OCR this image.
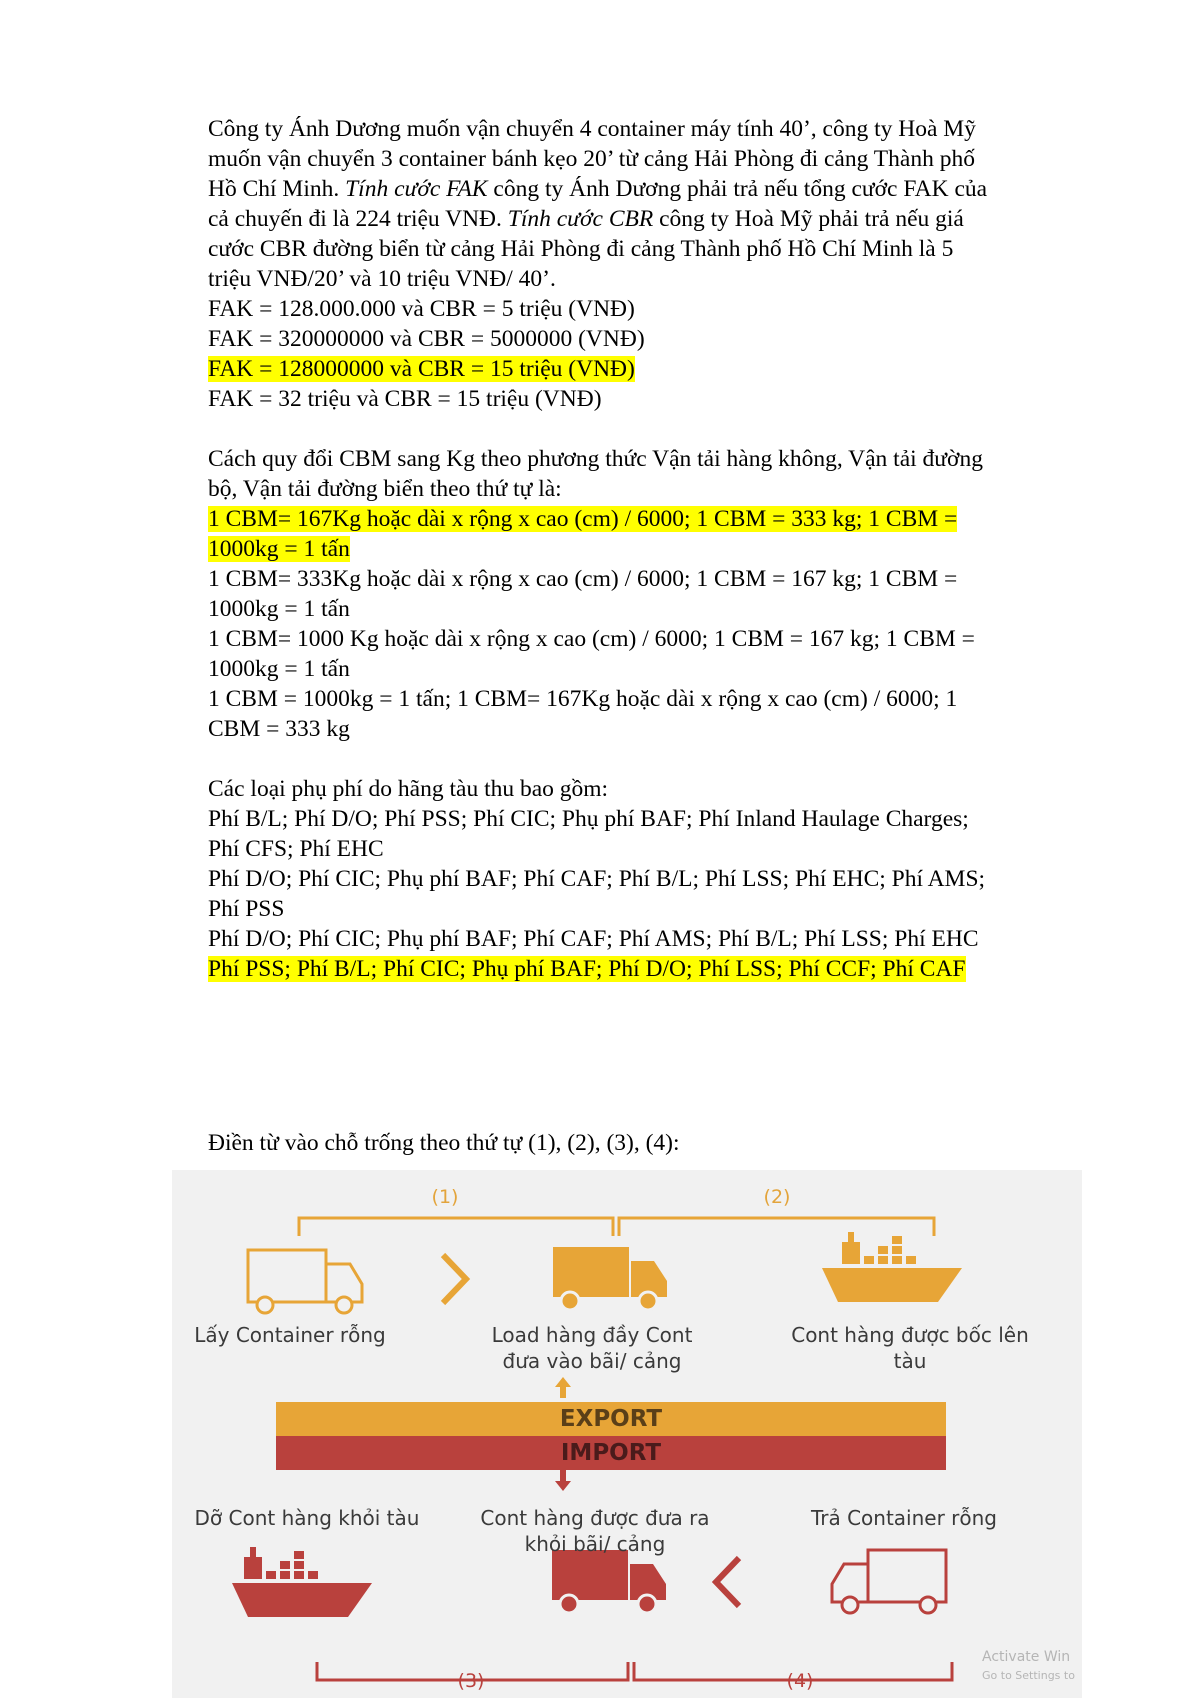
Công ty Ánh Dương muốn vận chuyển 4 container máy tính 40’, công ty Hoà Mỹ
muốn vận chuyển 3 container bánh kẹo 20’ từ cảng Hải Phòng đi cảng Thành phố
Hồ Chí Minh. Tính cước FAK công ty Ánh Dương phải trả nếu tổng cước FAK của
cả chuyến đi là 224 triệu VNĐ. Tính cước CBR công ty Hoà Mỹ phải trả nếu giá
cước CBR đường biển từ cảng Hải Phòng đi cảng Thành phố Hồ Chí Minh là 5
triệu VNĐ/20’ và 10 triệu VNĐ/ 40’.
FAK = 128.000.000 và CBR = 5 triệu (VNĐ)
FAK = 320000000 và CBR = 5000000 (VNĐ)
FAK = 128000000 và CBR = 15 triệu (VNĐ)
FAK = 32 triệu và CBR = 15 triệu (VNĐ)
Cách quy đổi CBM sang Kg theo phương thức Vận tải hàng không, Vận tải đường
bộ, Vận tải đường biển theo thứ tự là:
1 CBM= 167Kg hoặc dài x rộng x cao (cm) / 6000; 1 CBM = 333 kg; 1 CBM =
1000kg = 1 tấn
1 CBM= 333Kg hoặc dài x rộng x cao (cm) / 6000; 1 CBM = 167 kg; 1 CBM =
1000kg = 1 tấn
1 CBM= 1000 Kg hoặc dài x rộng x cao (cm) / 6000; 1 CBM = 167 kg; 1 CBM =
1000kg = 1 tấn
1 CBM = 1000kg = 1 tấn; 1 CBM= 167Kg hoặc dài x rộng x cao (cm) / 6000; 1
CBM = 333 kg
Các loại phụ phí do hãng tàu thu bao gồm:
Phí B/L; Phí D/O; Phí PSS; Phí CIC; Phụ phí BAF; Phí Inland Haulage Charges;
Phí CFS; Phí EHC
Phí D/O; Phí CIC; Phụ phí BAF; Phí CAF; Phí B/L; Phí LSS; Phí EHC; Phí AMS;
Phí PSS
Phí D/O; Phí CIC; Phụ phí BAF; Phí CAF; Phí AMS; Phí B/L; Phí LSS; Phí EHC
Phí PSS; Phí B/L; Phí CIC; Phụ phí BAF; Phí D/O; Phí LSS; Phí CCF; Phí CAF
Điền từ vào chỗ trống theo thứ tự (1), (2), (3), (4):
(1)	(2)
Lấy Container rỗng	Load hàng đầy Cont
đưa vào bãi/ cảng
Cont hàng được bốc lên
tàu
EXPORT
IMPORT
Dỡ Cont hàng khỏi tàu	Cont hàng được đưa ra
khỏi bãi/ cảng
Trả Container rỗng
(3)	(4)
Activate Win
Go to Settings to
